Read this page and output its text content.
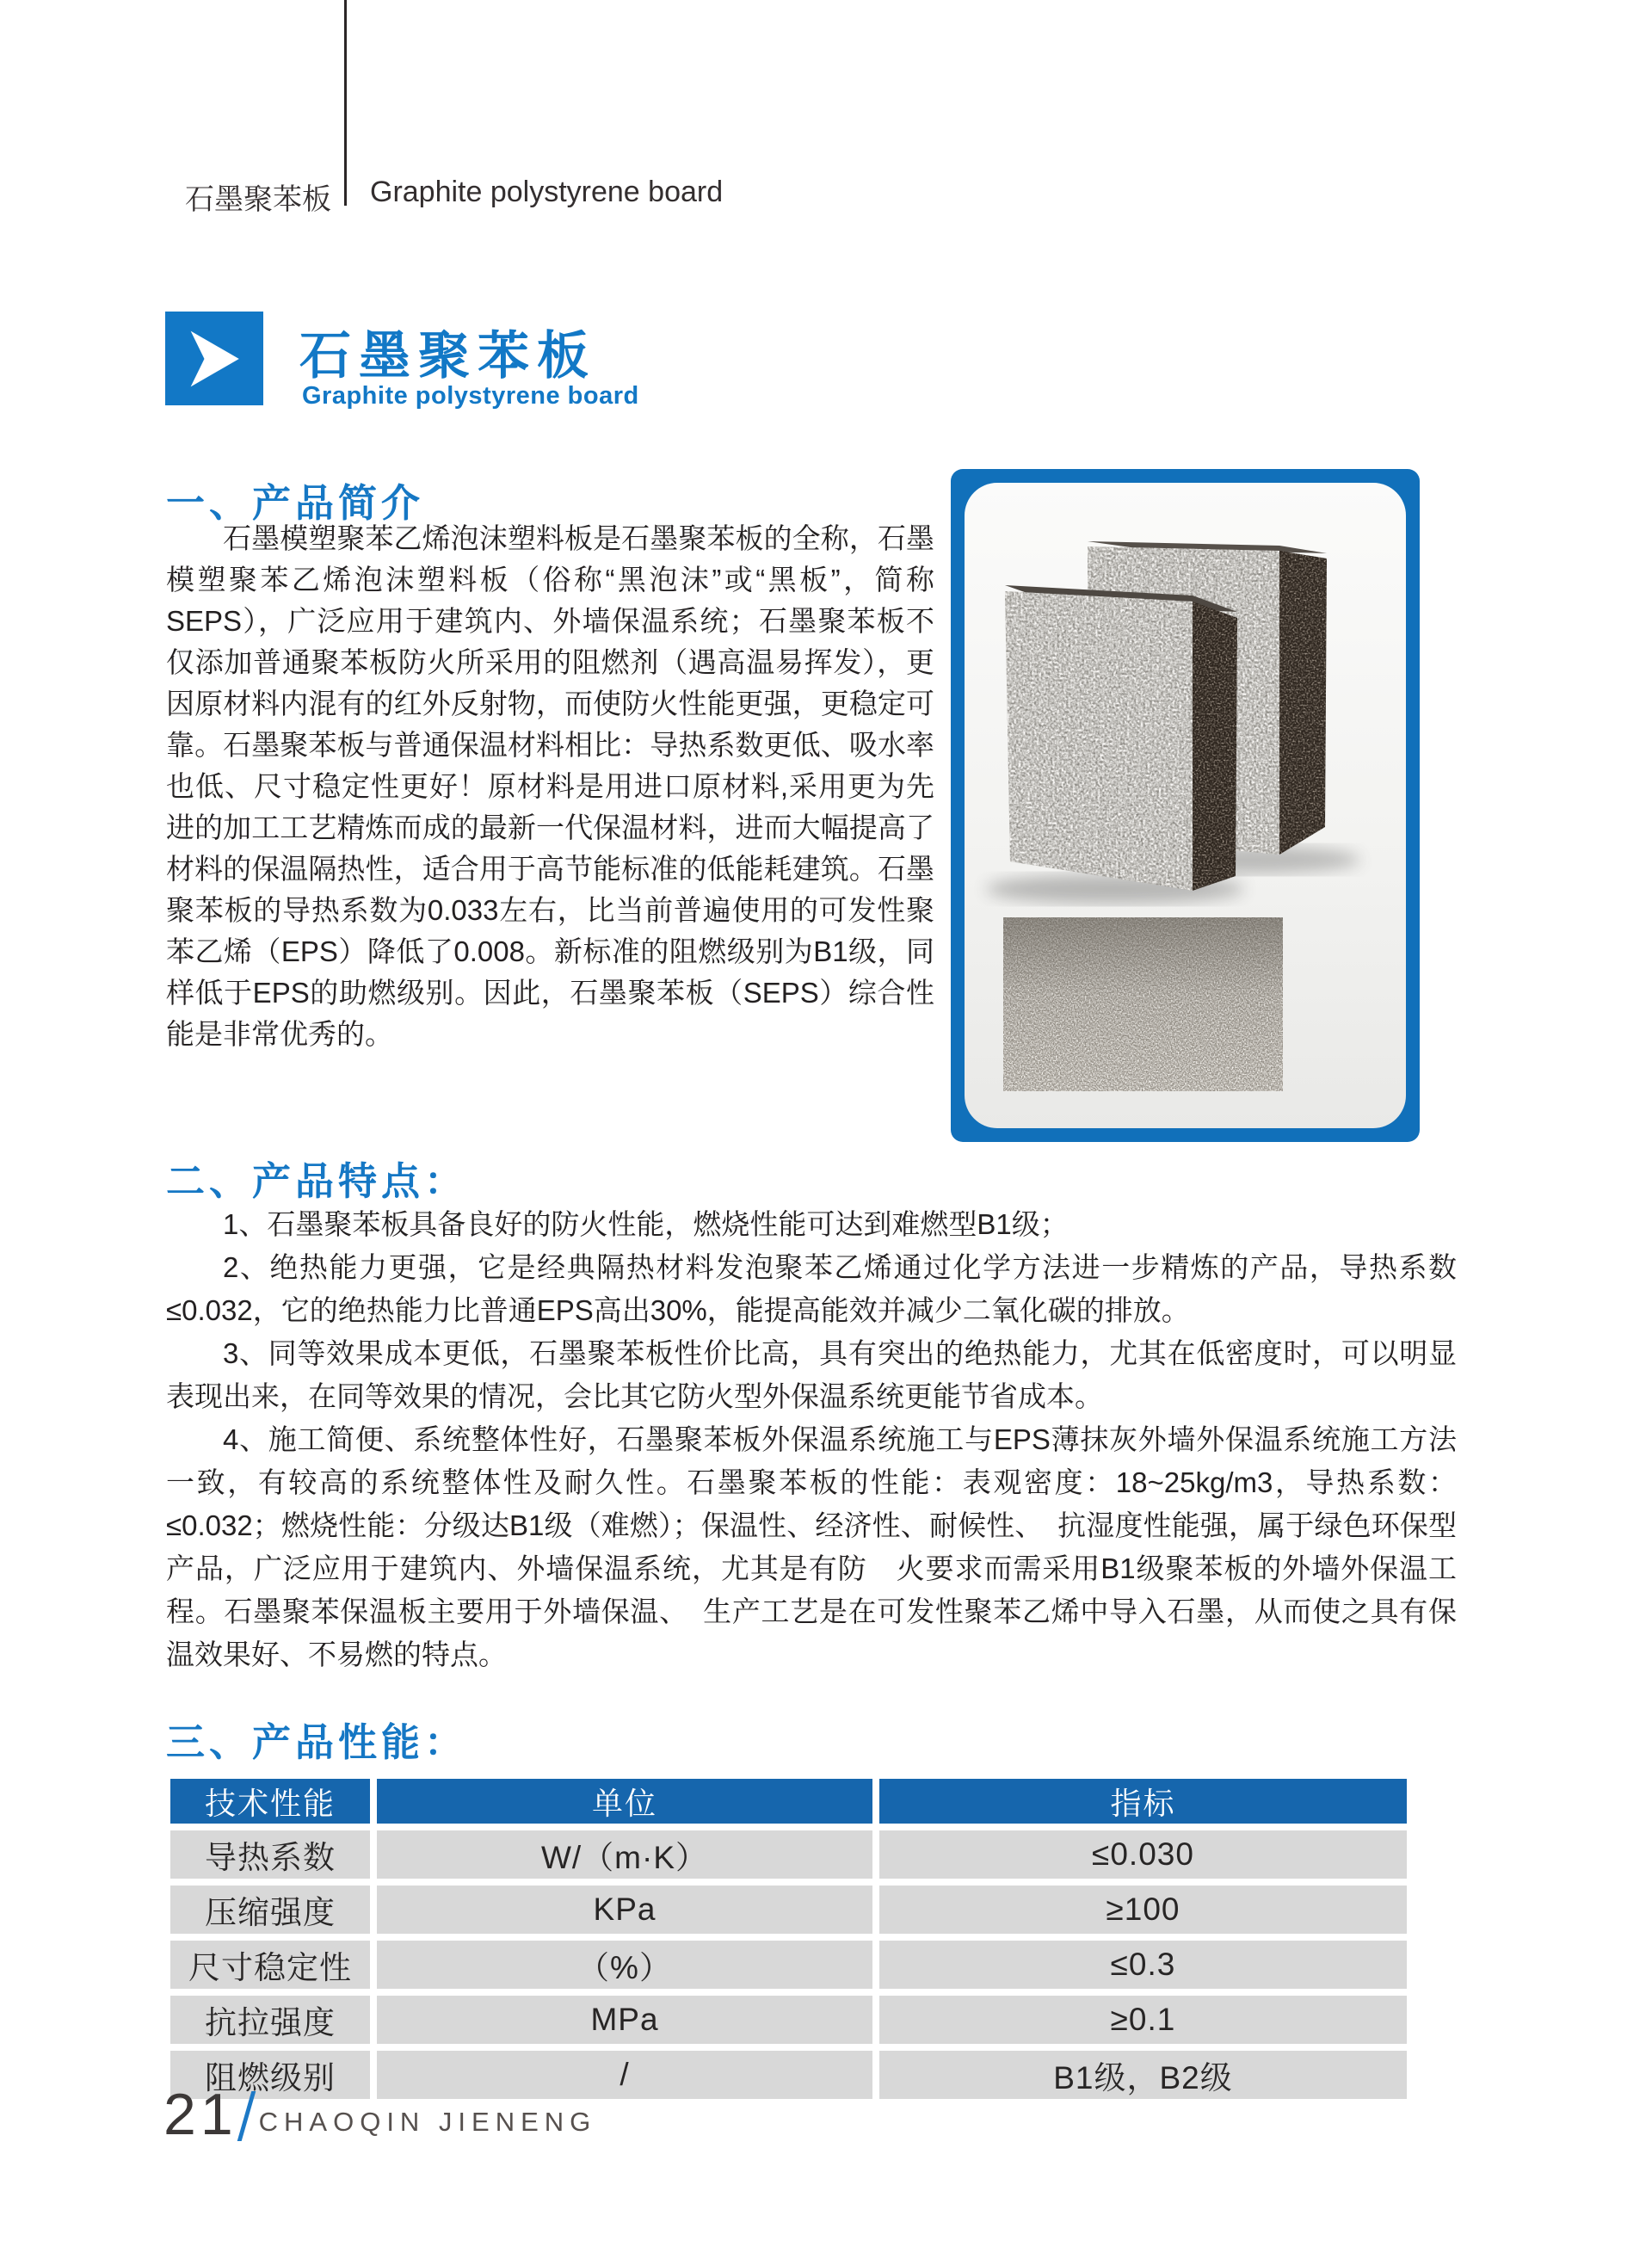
石墨聚苯板 Graphite polystyrene board
石墨聚苯板
Graphite polystyrene board
一、产品简介

石墨模塑聚苯乙烯泡沫塑料板是石墨聚苯板的全称，石墨模塑聚苯乙烯泡沫塑料板（俗称“黑泡沫”或“黑板”，简称SEPS），广泛应用于建筑内、外墙保温系统；石墨聚苯板不仅添加普通聚苯板防火所采用的阻燃剂（遇高温易挥发），更因原材料内混有的红外反射物，而使防火性能更强，更稳定可靠。石墨聚苯板与普通保温材料相比：导热系数更低、吸水率也低、尺寸稳定性更好！原材料是用进口原材料,采用更为先进的加工工艺精炼而成的最新一代保温材料，进而大幅提高了材料的保温隔热性，适合用于高节能标准的低能耗建筑。石墨聚苯板的导热系数为0.033左右，比当前普遍使用的可发性聚苯乙烯（EPS）降低了0.008。新标准的阻燃级别为B1级，同样低于EPS的助燃级别。因此，石墨聚苯板（SEPS）综合性能是非常优秀的。

二、产品特点：

1、石墨聚苯板具备良好的防火性能，燃烧性能可达到难燃型B1级；

2、绝热能力更强，它是经典隔热材料发泡聚苯乙烯通过化学方法进一步精炼的产品，导热系数≤0.032，它的绝热能力比普通EPS高出30%，能提高能效并减少二氧化碳的排放。

3、同等效果成本更低，石墨聚苯板性价比高，具有突出的绝热能力，尤其在低密度时，可以明显表现出来，在同等效果的情况，会比其它防火型外保温系统更能节省成本。

4、施工简便、系统整体性好，石墨聚苯板外保温系统施工与EPS薄抹灰外墙外保温系统施工方法一致，有较高的系统整体性及耐久性。石墨聚苯板的性能：表观密度：18~25kg/m3，导热系数：≤0.032；燃烧性能：分级达B1级（难燃）；保温性、经济性、耐候性、　抗湿度性能强，属于绿色环保型产品，广泛应用于建筑内、外墙保温系统，尤其是有防　火要求而需采用B1级聚苯板的外墙外保温工程。石墨聚苯保温板主要用于外墙保温、　生产工艺是在可发性聚苯乙烯中导入石墨，从而使之具有保温效果好、不易燃的特点。

三、产品性能：
技术性能	单位	指标
导热系数	W/（m·K）	≤0.030
压缩强度	KPa	≥100
尺寸稳定性	（%）	≤0.3
抗拉强度	MPa	≥0.1
阻燃级别	/	B1级，B2级
21 CHAOQIN JIENENG
